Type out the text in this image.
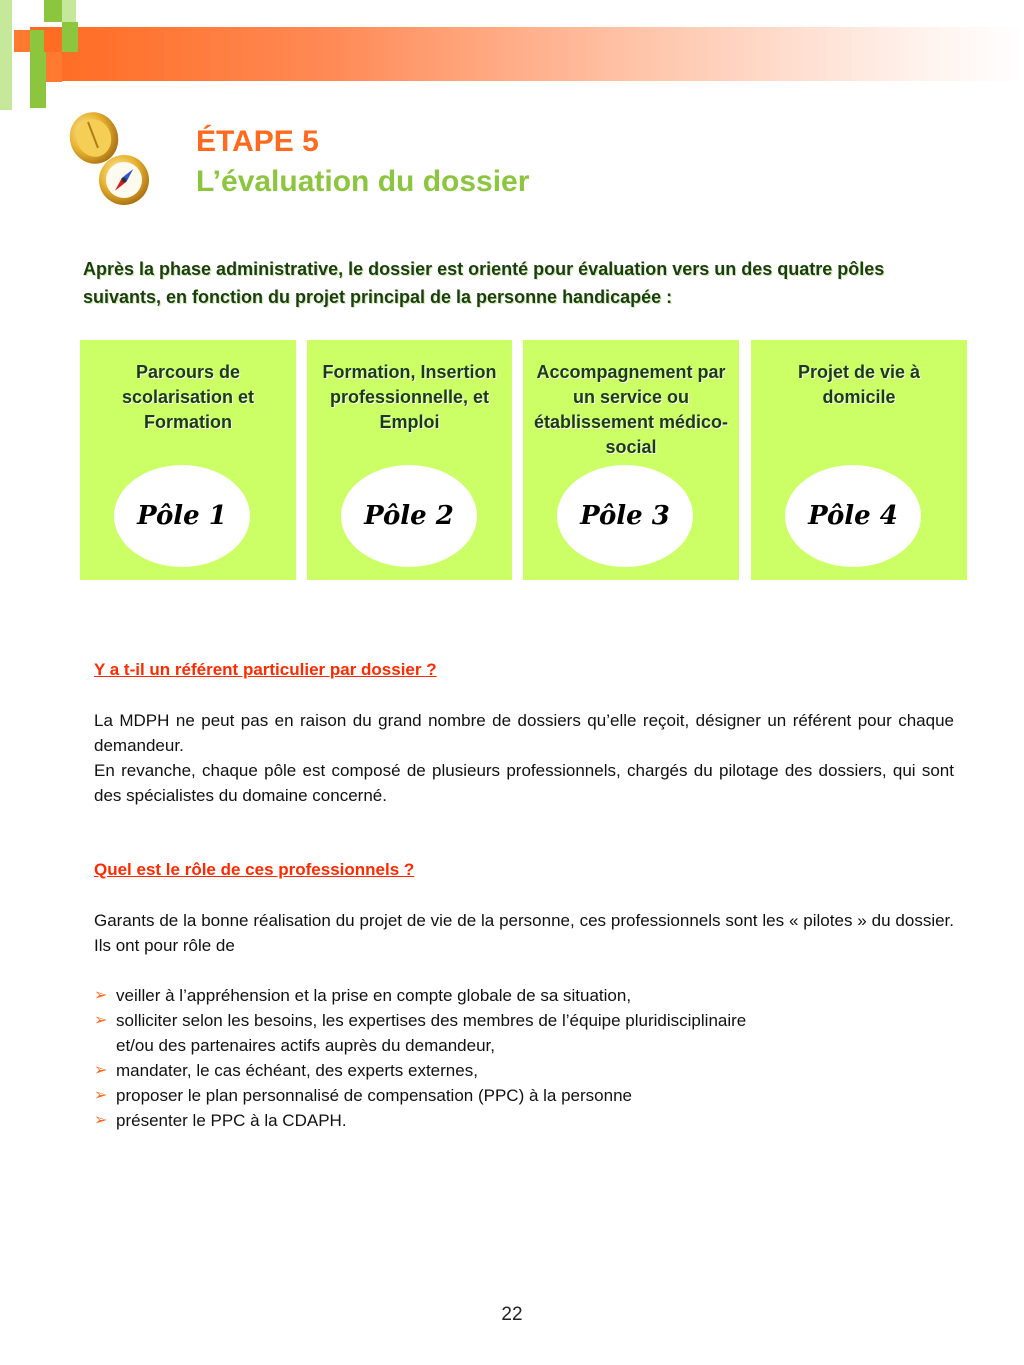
ÉTAPE 5
L’évaluation du dossier

Après la phase administrative, le dossier est orienté pour évaluation vers un des quatre pôles suivants, en fonction du projet principal de la personne handicapée :

Parcours de scolarisation et Formation

Pôle 1

Formation, Insertion professionnelle, et Emploi

Pôle 2

Accompagnement par un service ou établissement médico-social

Pôle 3

Projet de vie à domicile

Pôle 4

Y a t-il un référent particulier par dossier ?

La MDPH ne peut pas en raison du grand nombre de dossiers qu’elle reçoit, désigner un référent pour chaque demandeur.

En revanche, chaque pôle est composé de plusieurs professionnels, chargés du pilotage des dossiers, qui sont des spécialistes du domaine concerné.

Quel est le rôle de ces professionnels ?

Garants de la bonne réalisation du projet de vie de la personne, ces professionnels sont les « pilotes » du dossier. Ils ont pour rôle de

➢ veiller à l’appréhension et la prise en compte globale de sa situation,
➢ solliciter selon les besoins, les expertises des membres de l’équipe pluridisciplinaire et/ou des partenaires actifs auprès du demandeur,
➢ mandater, le cas échéant, des experts externes,
➢ proposer le plan personnalisé de compensation (PPC) à la personne
➢ présenter le PPC à la CDAPH.

22
